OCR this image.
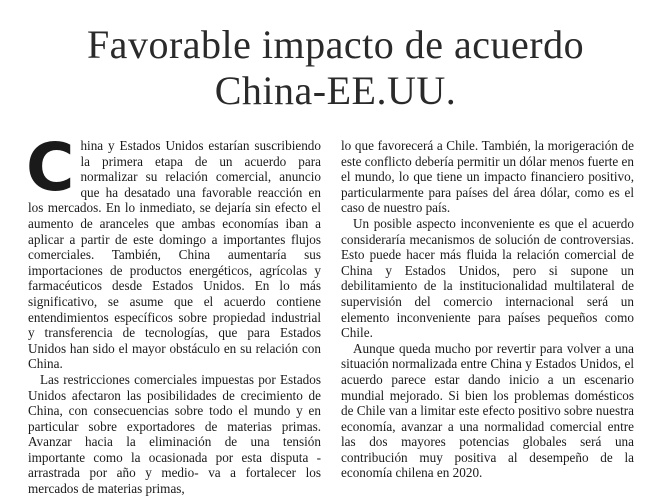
Favorable impacto de acuerdo
China-EE.UU.

China y Estados Unidos estarían suscribiendo la primera etapa de un acuerdo para normalizar su relación comercial, anuncio que ha desatado una favorable reacción en los mercados. En lo inmediato, se dejaría sin efecto el aumento de aranceles que ambas economías iban a aplicar a partir de este domingo a importantes flujos comerciales. También, China aumentaría sus importaciones de productos energéticos, agrícolas y farmacéuticos desde Estados Unidos. En lo más significativo, se asume que el acuerdo contiene entendimientos específicos sobre propiedad industrial y transferencia de tecnologías, que para Estados Unidos han sido el mayor obstáculo en su relación con China.

Las restricciones comerciales impuestas por Estados Unidos afectaron las posibilidades de crecimiento de China, con consecuencias sobre todo el mundo y en particular sobre exportadores de materias primas. Avanzar hacia la eliminación de una tensión importante como la ocasionada por esta disputa -arrastrada por año y medio- va a fortalecer los mercados de materias primas,

lo que favorecerá a Chile. También, la morigeración de este conflicto debería permitir un dólar menos fuerte en el mundo, lo que tiene un impacto financiero positivo, particularmente para países del área dólar, como es el caso de nuestro país.

Un posible aspecto inconveniente es que el acuerdo consideraría mecanismos de solución de controversias. Esto puede hacer más fluida la relación comercial de China y Estados Unidos, pero si supone un debilitamiento de la institucionalidad multilateral de supervisión del comercio internacional será un elemento inconveniente para países pequeños como Chile.

Aunque queda mucho por revertir para volver a una situación normalizada entre China y Estados Unidos, el acuerdo parece estar dando inicio a un escenario mundial mejorado. Si bien los problemas domésticos de Chile van a limitar este efecto positivo sobre nuestra economía, avanzar a una normalidad comercial entre las dos mayores potencias globales será una contribución muy positiva al desempeño de la economía chilena en 2020.
